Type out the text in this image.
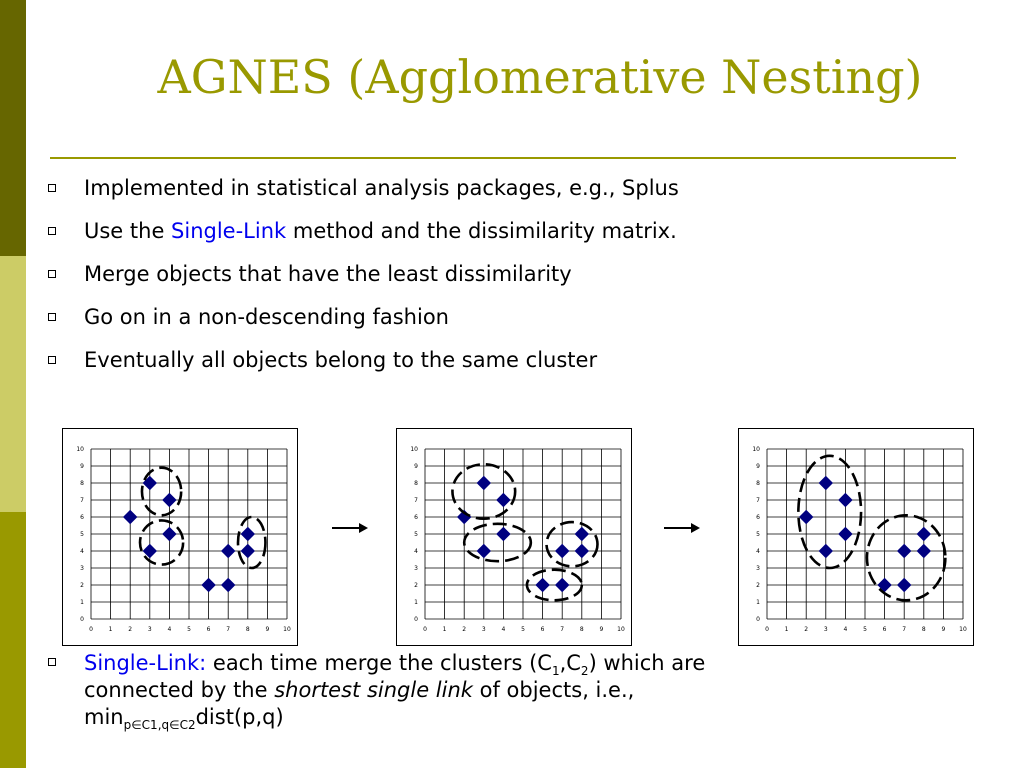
AGNES (Agglomerative Nesting)
Implemented in statistical analysis packages, e.g., Splus
Use the Single-Link method and the dissimilarity matrix.
Merge objects that have the least dissimilarity
Go on in a non-descending fashion
Eventually all objects belong to the same cluster
0	1	2	3	4	5	6	7	8	9 10
0
1
2
3
4
5
6
7
8
9
10
0	1	2	3	4	5	6	7	8	9 10
0
1
2
3
4
5
6
7
8
9
10
0	1	2	3	4	5	6	7	8	9 10
0
1
2
3
4
5
6
7
8
9
10
Single-Link: each time merge the clusters $(C_1,C_2)$ which are
connected by the shortest single link of objects, i.e.,
$\min_{p\in C1,q\in C2}dist(p,q)$
